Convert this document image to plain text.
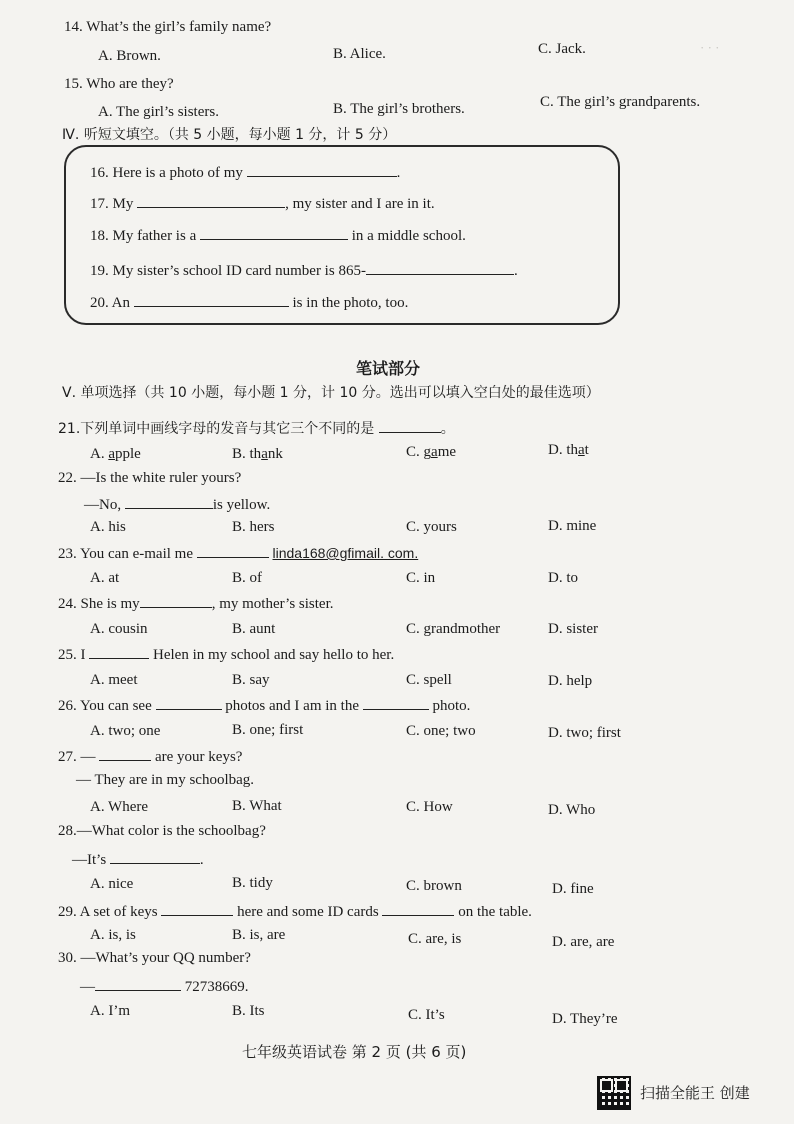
· · ·
14. What’s the girl’s family name?
A. Brown.	B. Alice.	C. Jack.
15. Who are they?
A. The girl’s sisters.	B. The girl’s brothers.	C. The girl’s grandparents.
Ⅳ. 听短文填空。（共 5 小题，每小题 1 分，计 5 分）
16. Here is a photo of my	.
17. My	, my sister and I are in it.
18. My father is a	in a middle school.
19. My sister’s school ID card number is 865-	.
20. An	is in the photo, too.
笔试部分
Ⅴ. 单项选择（共 10 小题，每小题 1 分，计 10 分。选出可以填入空白处的最佳选项）
21.下列单词中画线字母的发音与其它三个不同的是	。
A. apple	B. thank	C. game	D. that
22. —Is the white ruler yours?
—No,	is yellow.
A. his	B. hers	C. yours	D. mine
23. You can e-mail me	linda168@gfimail. com.
A. at	B. of	C. in	D. to
24. She is my	, my mother’s sister.
A. cousin	B. aunt	C. grandmother	D. sister
25. I	Helen in my school and say hello to her.
A. meet	B. say	C. spell	D. help
26. You can see	photos and I am in the	photo.
A. two; one	B. one; first	C. one; two	D. two; first
27. —	are your keys?
— They are in my schoolbag.
A. Where	B. What	C. How	D. Who
28.—What color is the schoolbag?
—It’s	.
A. nice	B. tidy	C. brown	D. fine
29. A set of keys	here and some ID cards	on the table.
A. is, is	B. is, are	C. are, is	D. are, are
30. —What’s your QQ number?
—	72738669.
A. I’m	B. Its	C. It’s	D. They’re
七年级英语试卷 第 2 页 (共 6 页)
扫描全能王 创建
